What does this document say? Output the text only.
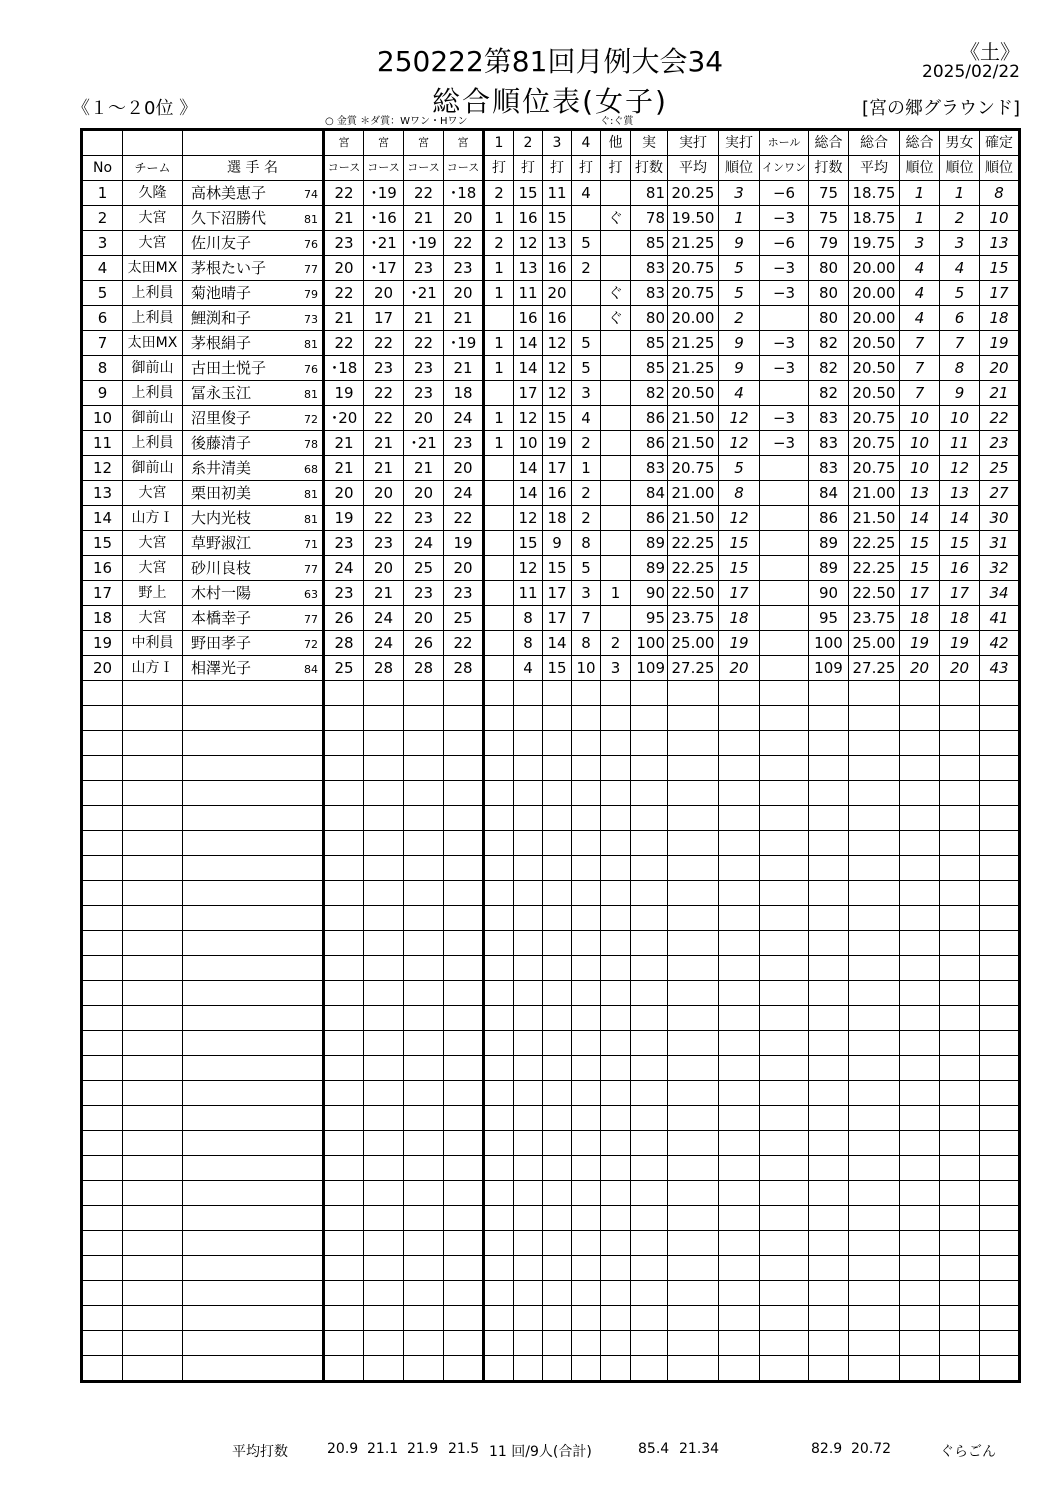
250222第81回月例大会34
総合順位表(女子)
《土》
2025/02/22
《１～２0位 》	[宮の郷グラウンド]
○ 金賞 ＊ダ賞：Wワン・Hワン	ぐ:ぐ賞
			宮	宮	宮	宮	1	2	3	4	他	実	実打	実打	ホール	総合	総合	総合	男女	確定
No	チーム	選 手 名	コース	コース	コース	コース	打	打	打	打	打	打数	平均	順位	インワン	打数	平均	順位	順位	順位
1	久隆	高林美恵子 74	22	･19	22	･18	2	15	11	4		81	20.25	3	−6	75	18.75	1	1	8
2	大宮	久下沼勝代 81	21	･16	21	20	1	16	15		ぐ	78	19.50	1	−3	75	18.75	1	2	10
3	大宮	佐川友子 76	23	･21	･19	22	2	12	13	5		85	21.25	9	−6	79	19.75	3	3	13
4	太田MX	茅根たい子 77	20	･17	23	23	1	13	16	2		83	20.75	5	−3	80	20.00	4	4	15
5	上利員	菊池晴子 79	22	20	･21	20	1	11	20		ぐ	83	20.75	5	−3	80	20.00	4	5	17
6	上利員	鯉渕和子 73	21	17	21	21		16	16		ぐ	80	20.00	2		80	20.00	4	6	18
7	太田MX	茅根絹子 81	22	22	22	･19	1	14	12	5		85	21.25	9	−3	82	20.50	7	7	19
8	御前山	古田土悦子 76	･18	23	23	21	1	14	12	5		85	21.25	9	−3	82	20.50	7	8	20
9	上利員	冨永玉江 81	19	22	23	18		17	12	3		82	20.50	4		82	20.50	7	9	21
10	御前山	沼里俊子 72	･20	22	20	24	1	12	15	4		86	21.50	12	−3	83	20.75	10	10	22
11	上利員	後藤清子 78	21	21	･21	23	1	10	19	2		86	21.50	12	−3	83	20.75	10	11	23
12	御前山	糸井清美 68	21	21	21	20		14	17	1		83	20.75	5		83	20.75	10	12	25
13	大宮	栗田初美 81	20	20	20	24		14	16	2		84	21.00	8		84	21.00	13	13	27
14	山方Ｉ	大内光枝 81	19	22	23	22		12	18	2		86	21.50	12		86	21.50	14	14	30
15	大宮	草野淑江 71	23	23	24	19		15	9	8		89	22.25	15		89	22.25	15	15	31
16	大宮	砂川良枝 77	24	20	25	20		12	15	5		89	22.25	15		89	22.25	15	16	32
17	野上	木村一陽 63	23	21	23	23		11	17	3	1	90	22.50	17		90	22.50	17	17	34
18	大宮	本橋幸子 77	26	24	20	25		8	17	7		95	23.75	18		95	23.75	18	18	41
19	中利員	野田孝子 72	28	24	26	22		8	14	8	2	100	25.00	19		100	25.00	19	19	42
20	山方Ｉ	相澤光子 84	25	28	28	28		4	15	10	3	109	27.25	20		109	27.25	20	20	43

平均打数	20.9 21.1 21.9 21.5 11 回/9人(合計)	85.4 21.34	82.9 20.72	ぐらごん
